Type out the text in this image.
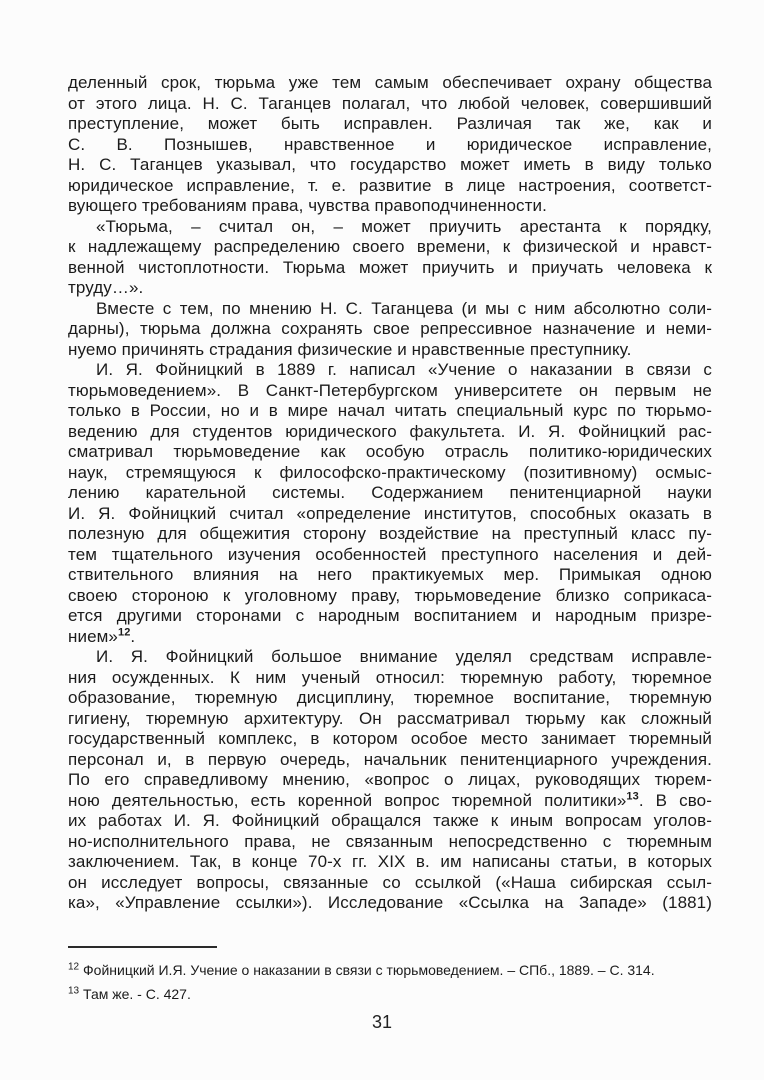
деленный срок, тюрьма уже тем самым обеспечивает охрану общества
от этого лица. Н. С. Таганцев полагал, что любой человек, совершивший
преступление, может быть исправлен. Различая так же, как и
С. В. Познышев, нравственное и юридическое исправление,
Н. С. Таганцев указывал, что государство может иметь в виду только
юридическое исправление, т. е. развитие в лице настроения, соответст-
вующего требованиям права, чувства правоподчиненности.
«Тюрьма, – считал он, – может приучить арестанта к порядку,
к надлежащему распределению своего времени, к физической и нравст-
венной чистоплотности. Тюрьма может приучить и приучать человека к
труду…».
Вместе с тем, по мнению Н. С. Таганцева (и мы с ним абсолютно соли-
дарны), тюрьма должна сохранять свое репрессивное назначение и неми-
нуемо причинять страдания физические и нравственные преступнику.
И. Я. Фойницкий в 1889 г. написал «Учение о наказании в связи с
тюрьмоведением». В Санкт-Петербургском университете он первым не
только в России, но и в мире начал читать специальный курс по тюрьмо-
ведению для студентов юридического факультета. И. Я. Фойницкий рас-
сматривал тюрьмоведение как особую отрасль политико-юридических
наук, стремящуюся к философско-практическому (позитивному) осмыс-
лению карательной системы. Содержанием пенитенциарной науки
И. Я. Фойницкий считал «определение институтов, способных оказать в
полезную для общежития сторону воздействие на преступный класс пу-
тем тщательного изучения особенностей преступного населения и дей-
ствительного влияния на него практикуемых мер. Примыкая одною
своею стороною к уголовному праву, тюрьмоведение близко соприкаса-
ется другими сторонами с народным воспитанием и народным призре-
нием»$^{12}$.
И. Я. Фойницкий большое внимание уделял средствам исправле-
ния осужденных. К ним ученый относил: тюремную работу, тюремное
образование, тюремную дисциплину, тюремное воспитание, тюремную
гигиену, тюремную архитектуру. Он рассматривал тюрьму как сложный
государственный комплекс, в котором особое место занимает тюремный
персонал и, в первую очередь, начальник пенитенциарного учреждения.
По его справедливому мнению, «вопрос о лицах, руководящих тюрем-
ною деятельностью, есть коренной вопрос тюремной политики»$^{13}$. В сво-
их работах И. Я. Фойницкий обращался также к иным вопросам уголов-
но-исполнительного права, не связанным непосредственно с тюремным
заключением. Так, в конце 70-х гг. XIX в. им написаны статьи, в которых
он исследует вопросы, связанные со ссылкой («Наша сибирская ссыл-
ка», «Управление ссылки»). Исследование «Ссылка на Западе» (1881)
$^{12}$ Фойницкий И.Я. Учение о наказании в связи с тюрьмоведением. – СПб., 1889. – С. 314.
$^{13}$ Там же. - С. 427.
31
